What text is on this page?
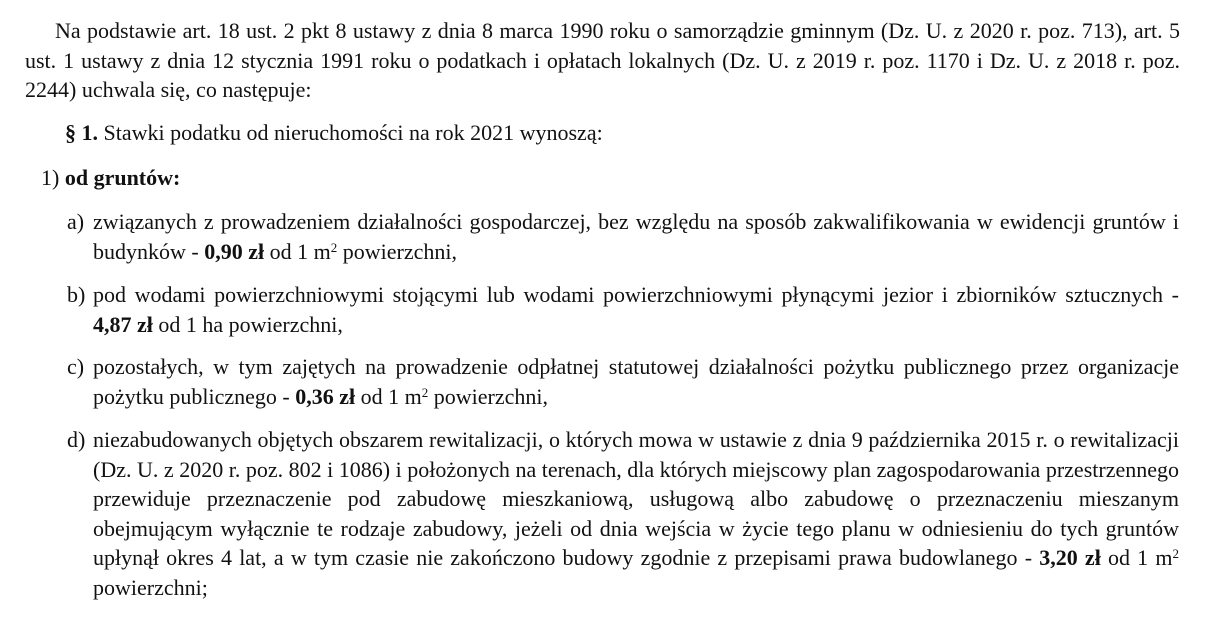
Na podstawie art. 18 ust. 2 pkt 8 ustawy z dnia 8 marca 1990 roku o samorządzie gminnym (Dz. U. z 2020 r. poz. 713), art. 5 ust. 1 ustawy z dnia 12 stycznia 1991 roku o podatkach i opłatach lokalnych (Dz. U. z 2019 r. poz. 1170 i Dz. U. z 2018 r. poz. 2244) uchwala się, co następuje:

§ 1. Stawki podatku od nieruchomości na rok 2021 wynoszą:

1) od gruntów:

a) związanych z prowadzeniem działalności gospodarczej, bez względu na sposób zakwalifikowania w ewidencji gruntów i budynków - 0,90 zł od 1 $m^2$ powierzchni,
b) pod wodami powierzchniowymi stojącymi lub wodami powierzchniowymi płynącymi jezior i zbiorników sztucznych - 4,87 zł od 1 ha powierzchni,
c) pozostałych, w tym zajętych na prowadzenie odpłatnej statutowej działalności pożytku publicznego przez organizacje pożytku publicznego - 0,36 zł od 1 $m^2$ powierzchni,
d) niezabudowanych objętych obszarem rewitalizacji, o których mowa w ustawie z dnia 9 października 2015 r. o rewitalizacji (Dz. U. z 2020 r. poz. 802 i 1086) i położonych na terenach, dla których miejscowy plan zagospodarowania przestrzennego przewiduje przeznaczenie pod zabudowę mieszkaniową, usługową albo zabudowę o przeznaczeniu mieszanym obejmującym wyłącznie te rodzaje zabudowy, jeżeli od dnia wejścia w życie tego planu w odniesieniu do tych gruntów upłynął okres 4 lat, a w tym czasie nie zakończono budowy zgodnie z przepisami prawa budowlanego - 3,20 zł od 1 $m^2$ powierzchni;
